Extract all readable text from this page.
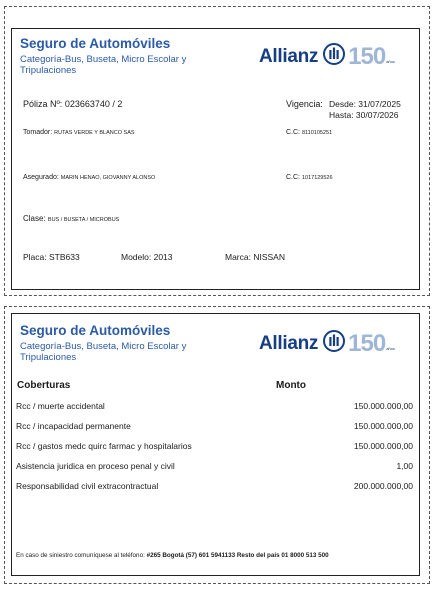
Seguro de Automóviles
Categoría-Bus, Buseta, Micro Escolar y Tripulaciones
Allianz 150 años
Póliza Nº: 023663740 / 2	Vigencia: Desde: 31/07/2025
Hasta: 30/07/2026
Tomador: RUTAS VERDE Y BLANCO SAS	C.C: 8110105251
Asegurado: MARIN HENAO, GIOVANNY ALONSO	C.C: 1017129526
Clase: BUS / BUSETA / MICROBUS
Placa: STB633	Modelo: 2013	Marca: NISSAN
Seguro de Automóviles
Categoría-Bus, Buseta, Micro Escolar y Tripulaciones
Allianz 150 años
Coberturas	Monto
Rcc / muerte accidental	150.000.000,00
Rcc / incapacidad permanente	150.000.000,00
Rcc / gastos medc quirc farmac y hospitalarios	150.000.000,00
Asistencia juridica en proceso penal y civil	1,00
Responsabilidad civil extracontractual	200.000.000,00
En caso de siniestro comuníquese al teléfono: #265 Bogotá (57) 601 5941133 Resto del país 01 8000 513 500
